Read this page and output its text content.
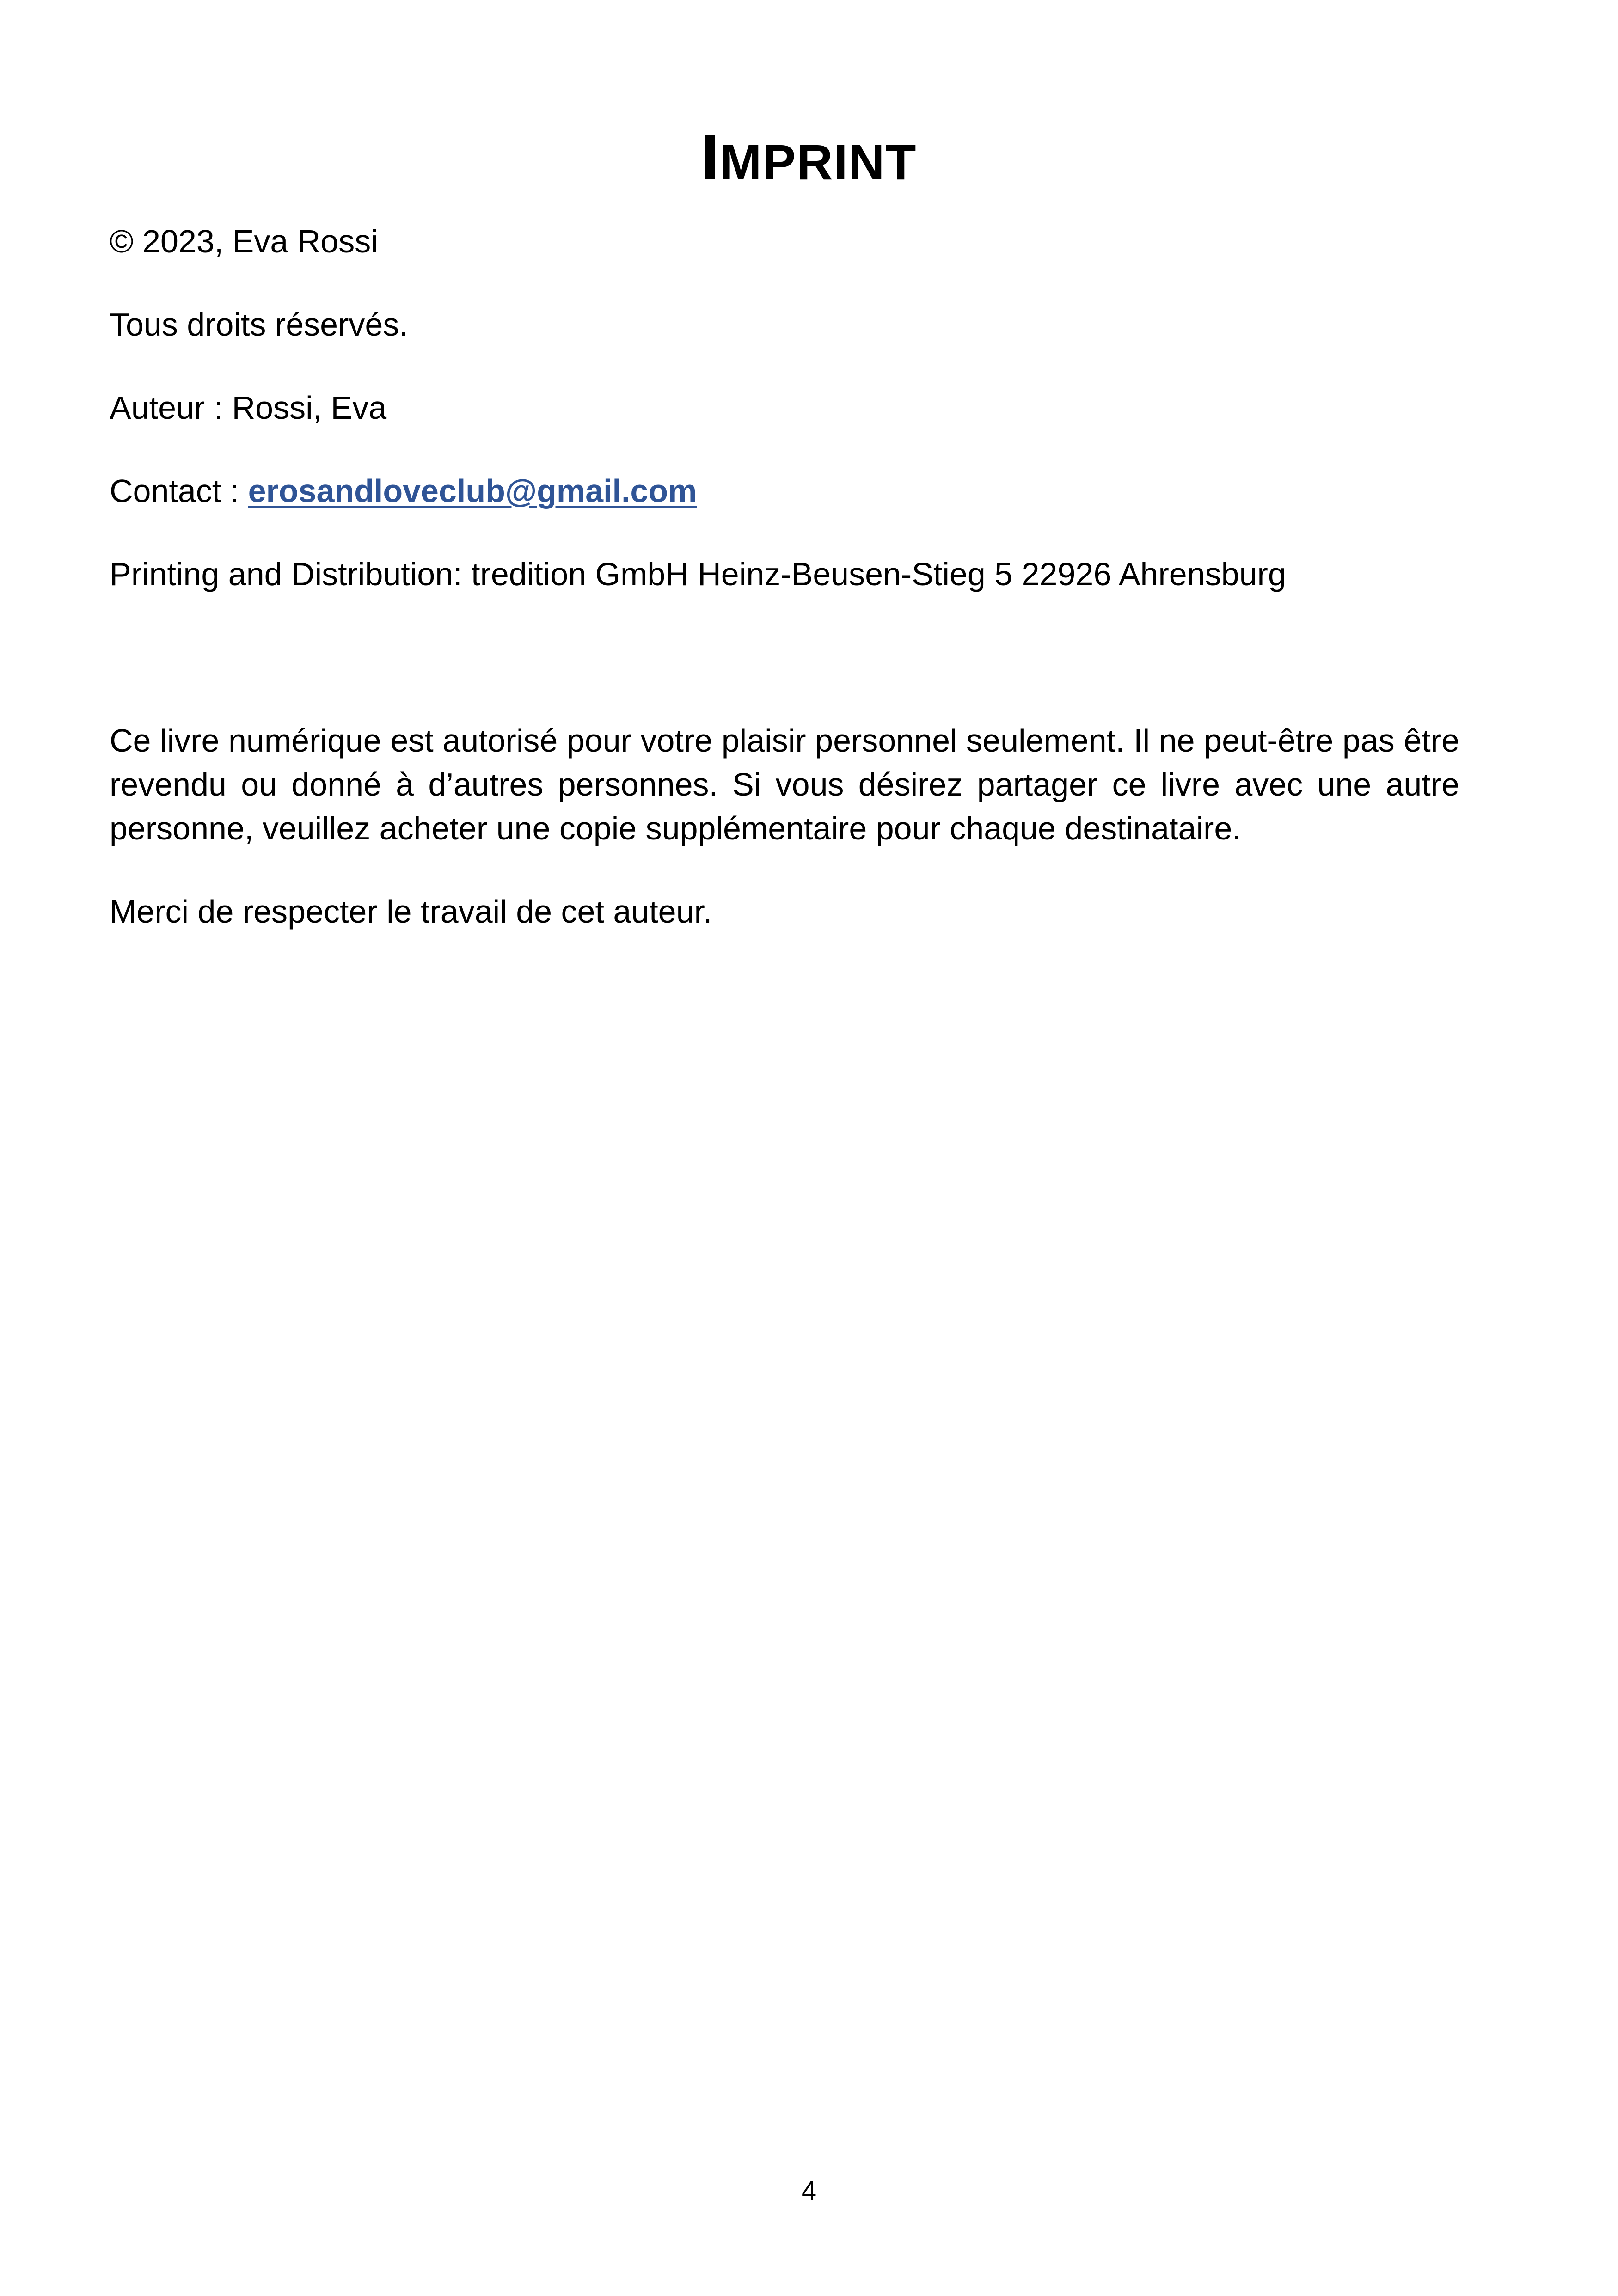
IMPRINT

© 2023, Eva Rossi

Tous droits réservés.

Auteur : Rossi, Eva

Contact : erosandloveclub@gmail.com

Printing and Distribution: tredition GmbH Heinz-Beusen-Stieg 5 22926 Ahrensburg

Ce livre numérique est autorisé pour votre plaisir personnel seulement. Il ne peut-être pas être revendu ou donné à d’autres personnes. Si vous désirez partager ce livre avec une autre personne, veuillez acheter une copie supplémentaire pour chaque destinataire.

Merci de respecter le travail de cet auteur.

4
